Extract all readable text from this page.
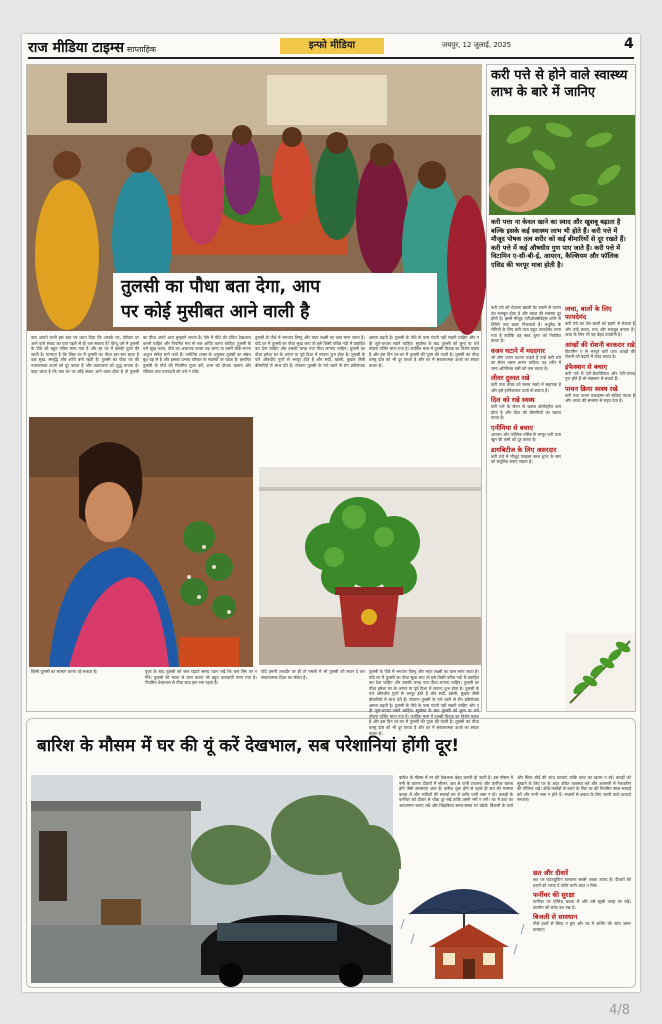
राज मीडिया टाइम्स साप्ताहिक	इन्फो मीडिया	जयपुर, 12 जुलाई, 2025	4
तुलसी का पौधा बता देगा, आप
पर कोई मुसीबत आने वाली है
क्या आपने कभी इस बात पर ध्यान दिया कि आपके घर, परिवार पर आने वाले संकट का पता पहले से ही चल सकता है? हिन्दू धर्म में तुलसी के पौधे को बहुत पवित्र माना गया है और हर घर में इसकी पूजा की जाती है। मान्यता है कि जिस घर में तुलसी का पौधा हरा-भरा रहता है वहां सुख, समृद्धि और शांति बनी रहती है। तुलसी का पौधा घर की नकारात्मक ऊर्जा को दूर करता है और वातावरण को शुद्ध बनाता है। कहा जाता है कि जब घर पर कोई संकट आने वाला होता है तो तुलसी का पौधा अपने आप मुरझाने लगता है। ऐसे में पौधे की उचित देखभाल करनी चाहिए और नियमित रूप से जल अर्पित करना चाहिए। तुलसी के पत्ते सूख जाना, पौधे का अचानक काला पड़ जाना या उसमें कीड़े लगना अशुभ संकेत माने जाते हैं। ज्योतिष शास्त्र के अनुसार तुलसी का संबंध बुध ग्रह से है और इसका प्रभाव परिवार के सदस्यों पर पड़ता है। इसलिए तुलसी के पौधे की नियमित पूजा करें, शाम को दीपक जलाएं और रविवार तथा एकादशी को पत्ते न तोड़ें।
तुलसी के पौधे में भगवान विष्णु और माता लक्ष्मी का वास माना जाता है। यदि घर में तुलसी का पौधा सूख जाए तो इसे किसी पवित्र नदी में प्रवाहित कर देना चाहिए और उसकी जगह नया पौधा लगाना चाहिए। तुलसी का पौधा हमेशा घर के आंगन या पूर्व दिशा में लगाना शुभ होता है। तुलसी के पत्ते औषधीय गुणों से भरपूर होते हैं और सर्दी, खांसी, बुखार जैसी बीमारियों में लाभ देते हैं। रोजाना तुलसी के पत्ते खाने से रोग प्रतिरोधक क्षमता बढ़ती है। तुलसी के पौधे के पास गंदगी नहीं रखनी चाहिए और न ही जूते-चप्पल रखने चाहिए। सूर्यास्त के बाद तुलसी को छूना या पत्ते तोड़ना वर्जित माना गया है। कार्तिक मास में तुलसी विवाह का विशेष महत्व है और इस दिन घर-घर में तुलसी की पूजा की जाती है। तुलसी का पौधा वास्तु दोष को भी दूर करता है और घर में सकारात्मक ऊर्जा का संचार करता है।
किसी तुलसी का सामान करना रहे सकता है।	पूजा के बाद तुलसी को जल चढ़ाते समय ध्यान रखें कि जल सिर पर न गिरे। तुलसी की माला से जाप करना भी बहुत फलदायी माना गया है। नियमित देखभाल से पौधा सदा हरा-भरा रहता है।
यदि हमारी तकदीर पर ही तो गमलों में भी तुलसी को स्थान दे कर सकारात्मक दिशा का संकेत है।
तुलसी के पौधे में भगवान विष्णु और माता लक्ष्मी का वास माना जाता है। यदि घर में तुलसी का पौधा सूख जाए तो इसे किसी पवित्र नदी में प्रवाहित कर देना चाहिए और उसकी जगह नया पौधा लगाना चाहिए। तुलसी का पौधा हमेशा घर के आंगन या पूर्व दिशा में लगाना शुभ होता है। तुलसी के पत्ते औषधीय गुणों से भरपूर होते हैं और सर्दी, खांसी, बुखार जैसी बीमारियों में लाभ देते हैं। रोजाना तुलसी के पत्ते खाने से रोग प्रतिरोधक क्षमता बढ़ती है। तुलसी के पौधे के पास गंदगी नहीं रखनी चाहिए और न ही जूते-चप्पल रखने चाहिए। सूर्यास्त के बाद तुलसी को छूना या पत्ते तोड़ना वर्जित माना गया है। कार्तिक मास में तुलसी विवाह का विशेष महत्व है और इस दिन घर-घर में तुलसी की पूजा की जाती है। तुलसी का पौधा वास्तु दोष को भी दूर करता है और घर में सकारात्मक ऊर्जा का संचार करता है।
करी पत्ते से होने वाले स्वास्थ्य लाभ के बारे में जानिए
करी पत्ता ना केवल खाने का स्वाद और खुशबू बढ़ाता है बल्कि इसके कई स्वास्थ्य लाभ भी होते हैं। करी पत्ते में मौजूद पोषक तत्व शरीर को कई बीमारियों से दूर रखते हैं। करी पत्ते में कई औषधीय गुण पाए जाते हैं। करी पत्ते में विटामिन ए-सी-बी-ई, आयरन, कैल्शियम और फॉलिक एसिड की भरपूर मात्रा होती है।
करी पत्ते को रोज़ाना खाली पेट चबाने से पाचन तंत्र मजबूत होता है और कब्ज़ की समस्या दूर होती है। इसमें मौजूद एंटीऑक्सीडेंट्स शरीर से विषैले तत्व बाहर निकालते हैं। मधुमेह के रोगियों के लिए करी पत्ता बहुत फायदेमंद माना गया है क्योंकि यह ब्लड शुगर को नियंत्रित करता है।
वजन घटाने में मददगार
जो लोग वजन घटाना चाहते हैं उन्हें करी पत्ते का सेवन जरूर करना चाहिए। यह शरीर में जमा अतिरिक्त चर्बी को कम करता है।
लीवर दुरुस्त रखे
करी पत्ता लीवर को स्वस्थ रखने में सहायक है और इसे हानिकारक तत्वों से बचाता है।
दिल को रखे स्वस्थ
करी पत्ते के सेवन से खराब कोलेस्ट्रॉल कम होता है और दिल की बीमारियों का खतरा घटता है।
एनीमिया से बचाए
आयरन और फॉलिक एसिड से भरपूर करी पत्ता खून की कमी को दूर करता है।
डायबिटीज के लिए असरदार
करी पत्ते में मौजूद फाइबर ब्लड शुगर के स्तर को संतुलित बनाए रखता है।
त्वचा, बालों के लिए फायदेमंद
करी पत्ते का तेल बालों को झड़ने से रोकता है और उन्हें काला, घना और मजबूत बनाता है। त्वचा के लिए भी यह बेहद उपयोगी है।
आंखों की रोशनी बरकरार रखे
विटामिन ए से भरपूर करी पत्ता आंखों की रोशनी को बढ़ाने में मदद करता है।
इंफेक्शन से बचाए
करी पत्ते में एंटी-बैक्टीरियल और एंटी-फंगल गुण होते हैं जो संक्रमण से बचाते हैं।
पाचन क्रिया स्वस्थ रखे
करी पत्ता पाचन एंजाइम्स को सक्रिय करता है और अपच की समस्या से राहत देता है।
बारिश के मौसम में घर की यूं करें देखभाल, सब परेशानियां होंगी दूर!
बारिश के मौसम में घर की देखभाल बेहद जरूरी हो जाती है। इस मौसम में नमी के कारण दीवारों में सीलन, छत से पानी टपकना और फर्नीचर खराब होने जैसी समस्याएं आम हैं। बारिश शुरू होने से पहले ही छत की मरम्मत करवा लें और नालियों की सफाई कर लें ताकि पानी जमा न हो। लकड़ी के फर्नीचर को दीवार से थोड़ा दूर रखें ताकि उसमें नमी न लगे। घर में हवा का आवागमन बनाए रखें और खिड़कियां समय-समय पर खोलें। बिजली के तारों और स्विच बोर्ड की जांच करवाएं ताकि करंट का खतरा न रहे। कपड़ों को सुखाने के लिए घर के अंदर उचित व्यवस्था करें और अलमारी में नेफ्थलीन की गोलियां रखें। कीड़े-मकौड़ों से बचने के लिए घर की नियमित साफ-सफाई करें और पानी जमा न होने दें। मच्छरों से बचाव के लिए जाली वाले दरवाजे लगवाएं।
छत और दीवारें
छत पर वाटरप्रूफिंग करवाना सबसे अच्छा उपाय है। दीवारों की दरारों को भरवा दें ताकि पानी अंदर न रिसे।
फर्नीचर की सुरक्षा
फर्नीचर पर पॉलिश करवा लें और उसे सूखी जगह पर रखें। कालीन को लपेट कर रख दें।
बिजली से सावधान
गीले हाथों से स्विच न छुएं और घर में अर्थिंग की जांच जरूर करवाएं।
4/8
